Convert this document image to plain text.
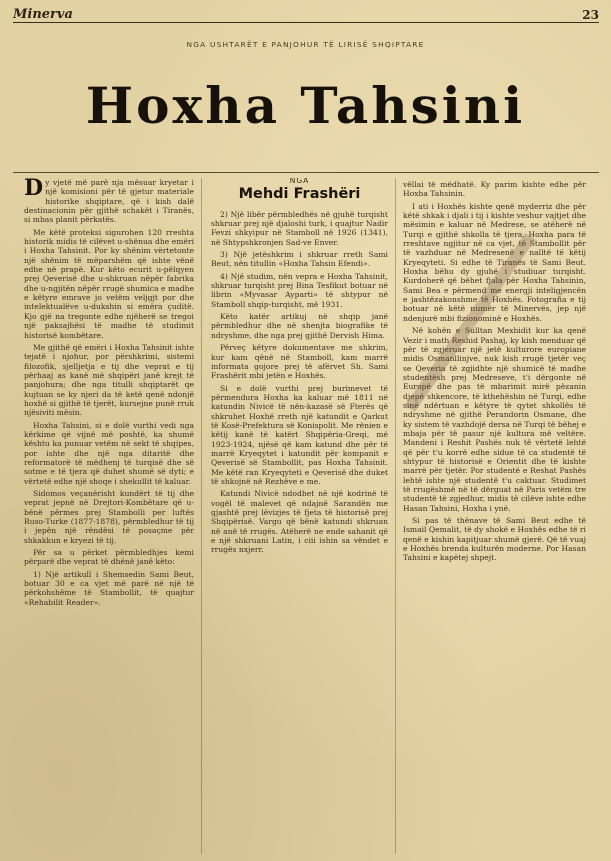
Minerva	23
NGA USHTARËT E PANJOHUR TË LIRISË SHQIPTARE
Hoxha Tahsini

Dy vjetë më parë nja mësuar kryetar i një komisioni për të gjetur materiale historike shqiptare, që i kish dalë destinacionin për gjithë schakët i Tiranës, si mbas planit përkatës.

Me këtë proteksi sigurohen 120 rreshta historik midis të cilëvet u-shënua dhe emëri i Hoxha Tahsinit. Por ky shënim vërtetonte një shënim të mëparshëm që ishte vënë edhe në prapë. Kur këto ecurit u-pëlqyen prej Qeverisë dhe u-shkruan nëpër fabrika dhe u-ngjitën nëpër rrugë shumica e madhe e këtyre emrave jo vetëm veljgjt por dhe intelektualëve u-dukshin si emëra çuditë. Kjo gjë na tregonte edhe njëherë se tregoi një paksajhësi të madhe të studimit historisë kombëtare.

Me gjithë që emëri i Hoxha Tahsinit ishte tejatë i njohur, por përshkrimi, sistemi filozofik, sjelljetja e tij dhe veprat e tij përhaaj as kanë më shqipëri janë krejt të panjohura; dhe nga titulli shqiptarët qe kujtuan se ky njeri da të ketë qenë ndonjë hoxhë si gjithë të tjerët, kursejne punë rruk njësiviti mësin.

Hoxha Tahsini, si e dolë vurthi vedi nga kërkime që vijnë më poshtë, ka shumë kështu ka punuar vetëm në sekt të shqipes, por ishte dhe një nga ditaritë dhe reformatorë të mëdhenj të turqisë dhe së sotme e të tjera që duhet shumë së dyti; e vërtetë edhe një shoqe i shekullit të kaluar.

Sidomos veçanërisht kundërt të tij dhe veprat jepnë në Drejtori-Kombëtare që u-bënë përmes prej Stambolli per luftës Ruso-Turke (1877-1878), përmbledhur të tij i jepën një rëndësi të posaçme për shkakkun e kryezi të tij.

Për sa u përket përmbledhjes kemi përparë dhe veprat të dhënë janë këto:

1) Një artikull i Shemsedin Sami Beut, botuar 30 e ca vjet më parë në një të përkohshëme të Stambollit, të quajtur «Rehabilit Reader».

NGA
Mehdi Frashëri

2) Një libër përmbledhës në gjuhë turqisht shkruar prej një djaloshi turk, i quajtur Nadir Fevzi shkyipur në Stamboll në 1926 (1341), në Shtypshkronjen Sad-ve Enver.

3) Një jetëshkrim i shkruar rreth Sami Beut, nën titullin «Hoxha Tahsin Efendi».

4) Një studim, nën vepra e Hoxha Tahsinit, shkruar turqisht prej Bina Tesfikut botuar në librin «Myvasar Ayparti» të shtypur në Stamboll shqip-turqisht, më 1931.

Këto katër artikuj në shqip janë përmbledhur dhe në shenjta biografike të ndryshme, dhe nga prej gjithë Dervish Hima.

Përveç këtyre dokumentave me shkrim, kur kam qënë në Stamboll, kam marrë informata gojore prej të afërvet Sh. Sami Frashërit mbi jetën e Hoxhës.

Si e dolë vurthi prej burimevet të përmendura Hoxha ka kaluar më 1811 në katundin Nivicë të nën-kazasë së Fterës që shkruhet Hoxhë rreth një katundit e Qarkut të Kosë-Prefektura së Konispolit. Me rënien e këtij kanë të katërt Shqipëria-Greqi, më 1923-1924, njësë që kam katund dhe për të marrë Kryeqytet i katundit për kompanit e Qeverisë së Stambollit, pas Hoxha Tahsinit. Me këtë ran Kryeqyteti e Qeverisë dhe duket të shkojnë në Rezhëve e me.

Katundi Nivicë ndodhet në një kodrinë të vogël të malevet që ndajnë Sarandën me gjashtë prej lëvizjes të fjeta të historisë prej Shqipërisë. Vargu që bënë katundi shkruan në anë të rrugës. Atëherë ne ende sahanit që e një shkruani Latin, i ciii ishin sa vëndet e rrugës nxjerr.

vëllai të mëdhatë. Ky parim kishte edhe për Hoxha Tahsinin.

I ati i Hoxhës kishte qenë myderriz dhe për këtë shkak i djali i tij i kishte veshur vajtjet dhe mësimin e kaluar në Medrese, se atëherë në Turqi e gjithë shkolla të tjera. Hoxha para të rreshtave ngjitur në ca vjet, të Stambollit për të vazhduar në Medresenë e nalltë të këtij Kryeqyteti. Si edhe të Tiranës të Sami Beut. Hoxha bëhu dy gjuhë i studiuar turqisht. Kurdoherë që bëhet fjala për Hoxha Tahsinin, Sami Bea e përmend me energji inteligjencën e jashtëzakonshme të Hoxhës. Fotografia e tij botuar në këtë numër të Minervës, jep një ndenjurë mbi fizionominë e Hoxhës.

Në kohën e Sulltan Mexhidit kur ka qenë Vezir i math Reshid Pashaj, ky kish menduar që për të zgjeruar një jetë kulturore europiane midis Osmanllinjve, nuk kish rrugë tjetër veç se Qeveria të zgjidhte një shumicë të madhe studentësh prej Medreseve, t'i dërgonte në Europë dhe pas të mbarimit mirë pëzanin djepë shkencore, të kthehëshin në Turqi, edhe sinë ndërtuan e këtyre të qytet shkollës të ndryshme në gjithë Perandorin Osmane, dhe ky sistem të vazhdojë dersa në Turqi të bëhej e mbaja për të pasur një kultura më veltëre. Mandeni i Reshit Pashës nuk të vërtetë lehtë që për t'u korrë edhe sidue të ca studentë të shtypur të historisë e Orientit dhe të kishte marrë për tjetër. Por studentë e Reshat Pashës lehtë ishte një studentë t'u caktuar. Studimet të rrugëshmë në të dërguat në Paris vetëm tre studentë të zgjedhur, midis të cilëve ishte edhe Hasan Tahsini, Hoxha i ynë.

Si pas të thënave të Sami Beut edhe të Ismail Qemalit, të dy shokë e Hoxhës edhe të ri qenë e kishin kapitjuar shumë gjerë. Që të vuaj e Hoxhës brenda kulturën moderne. Por Hasan Tahsini e kapëtej shpejt.
